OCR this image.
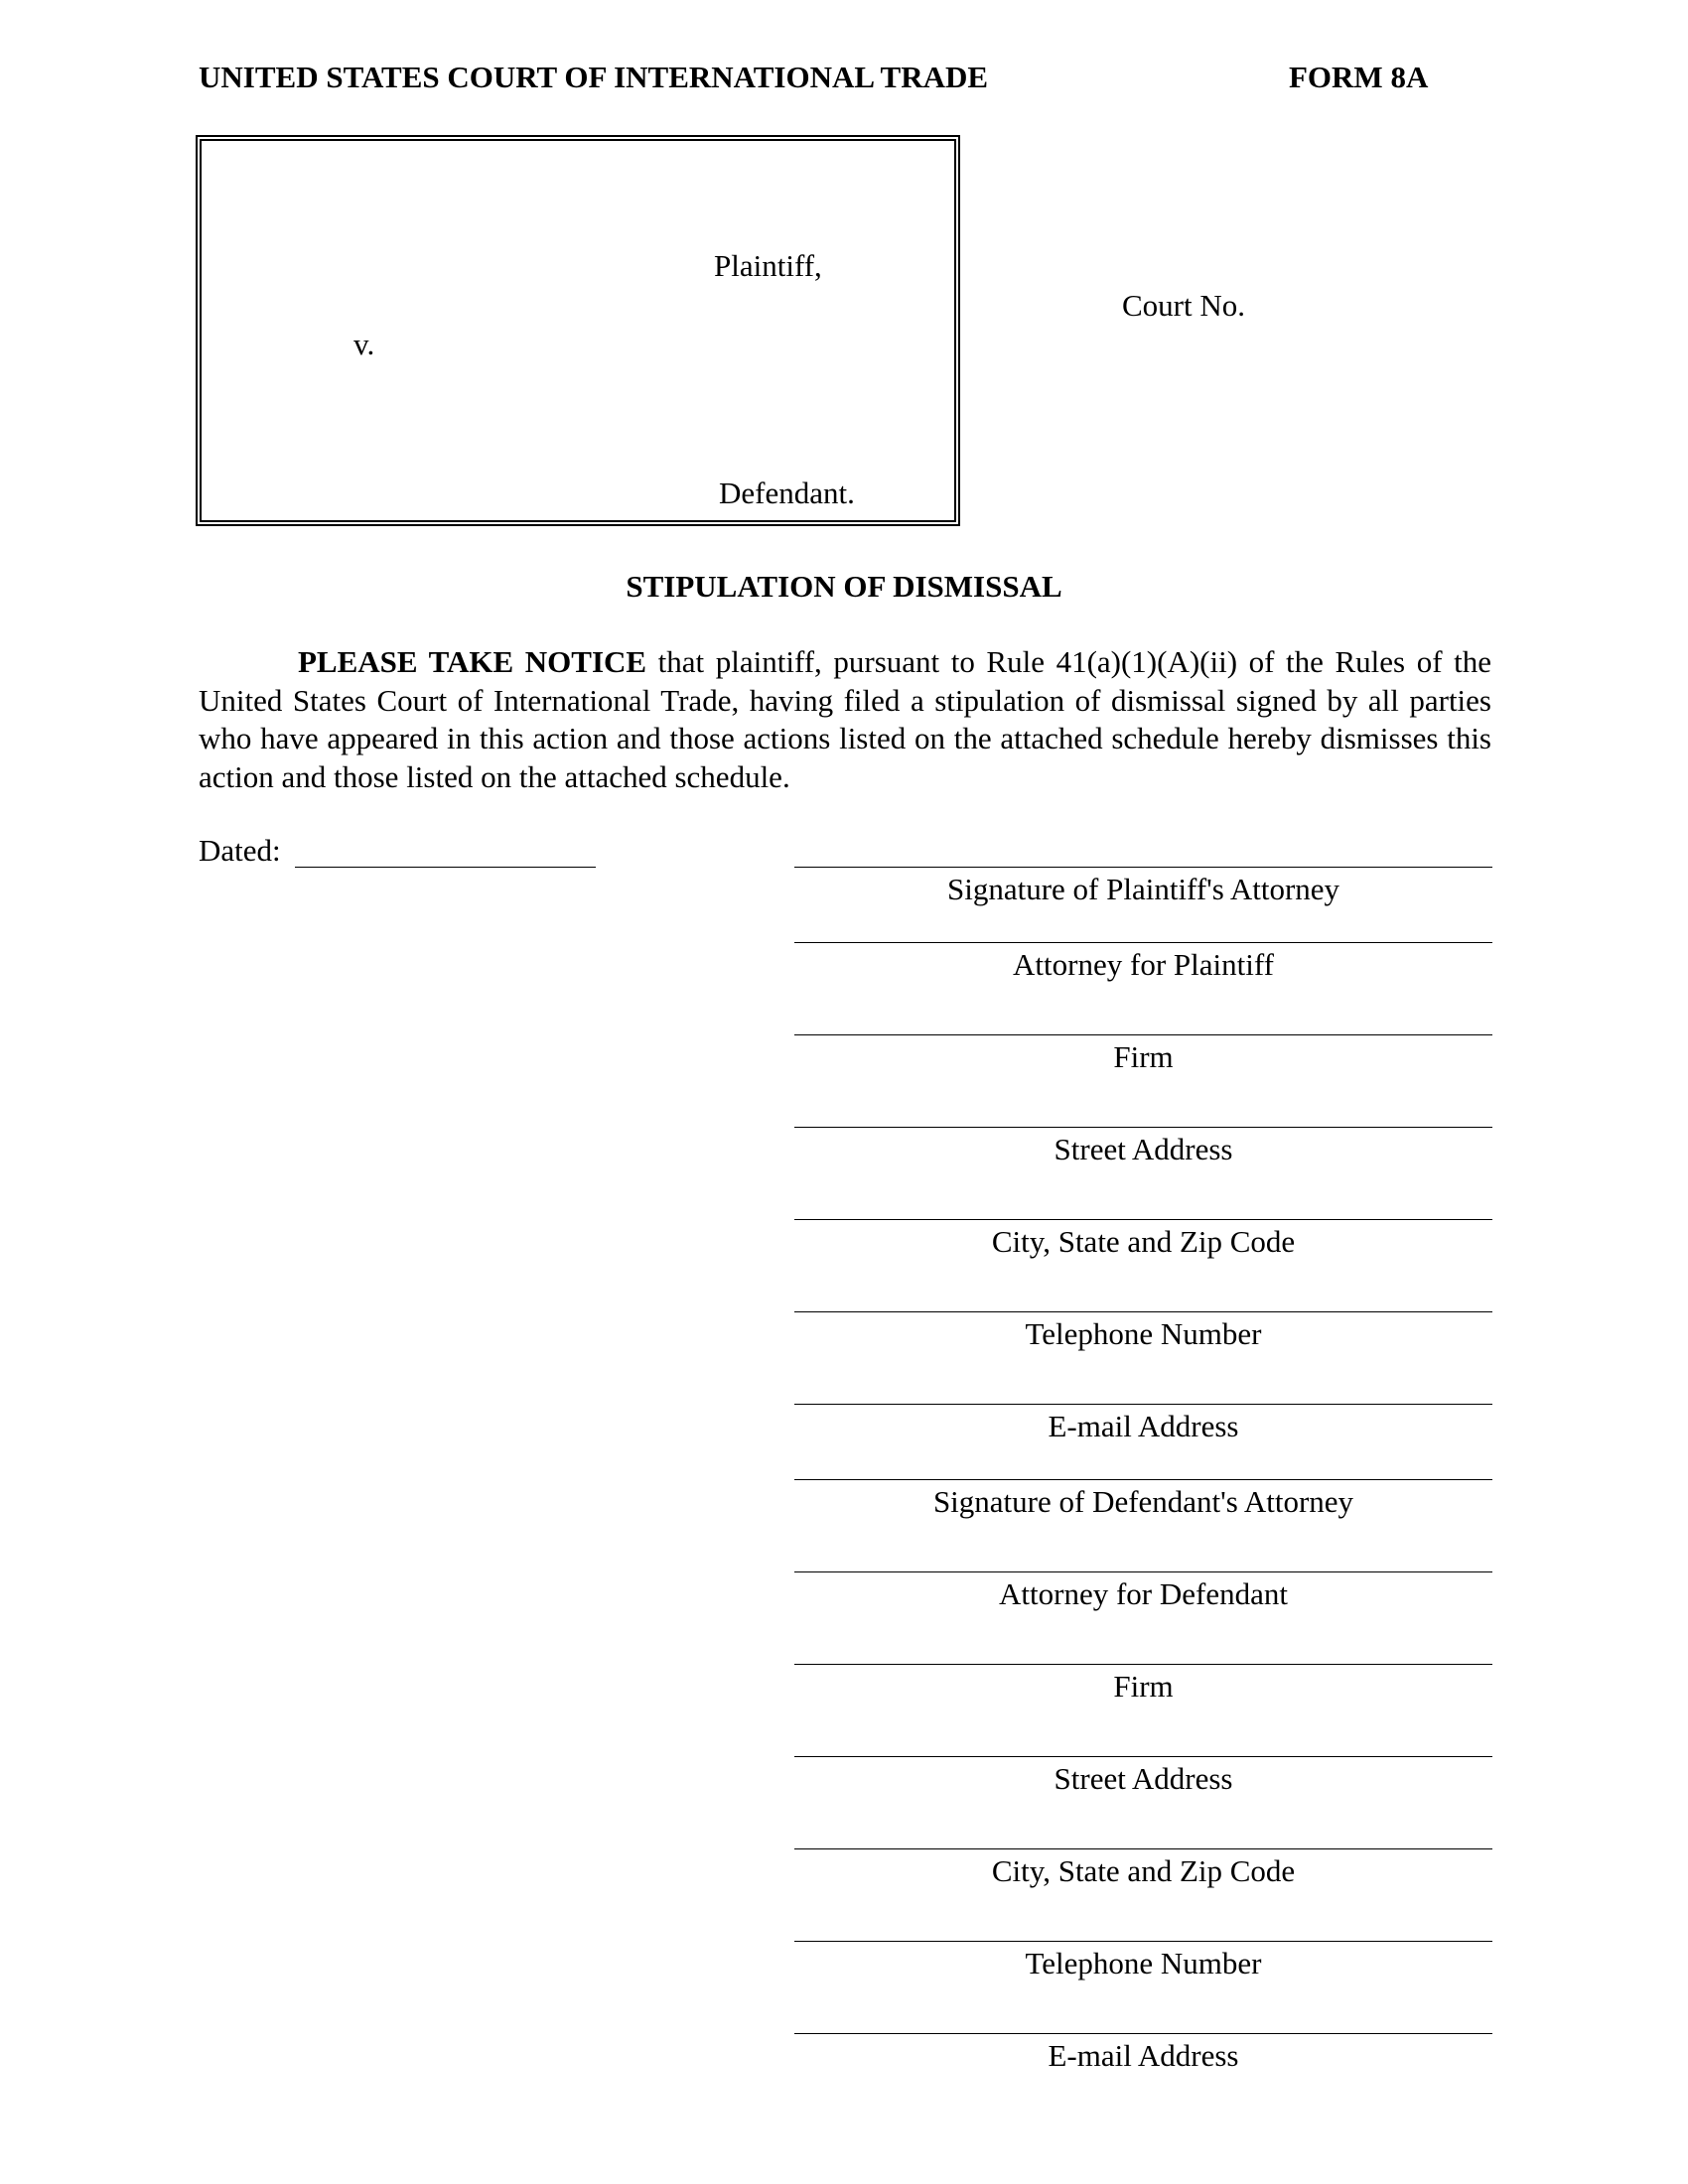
UNITED STATES COURT OF INTERNATIONAL TRADE	FORM 8A
Plaintiff,
v.
Defendant.
Court No.
STIPULATION OF DISMISSAL

PLEASE TAKE NOTICE that plaintiff, pursuant to Rule 41(a)(1)(A)(ii) of the Rules of the United States Court of International Trade, having filed a stipulation of dismissal signed by all parties who have appeared in this action and those actions listed on the attached schedule hereby dismisses this action and those listed on the attached schedule.

Dated:
Signature of Plaintiff's Attorney
Attorney for Plaintiff
Firm
Street Address
City, State and Zip Code
Telephone Number
E-mail Address
Signature of Defendant's Attorney
Attorney for Defendant
Firm
Street Address
City, State and Zip Code
Telephone Number
E-mail Address
